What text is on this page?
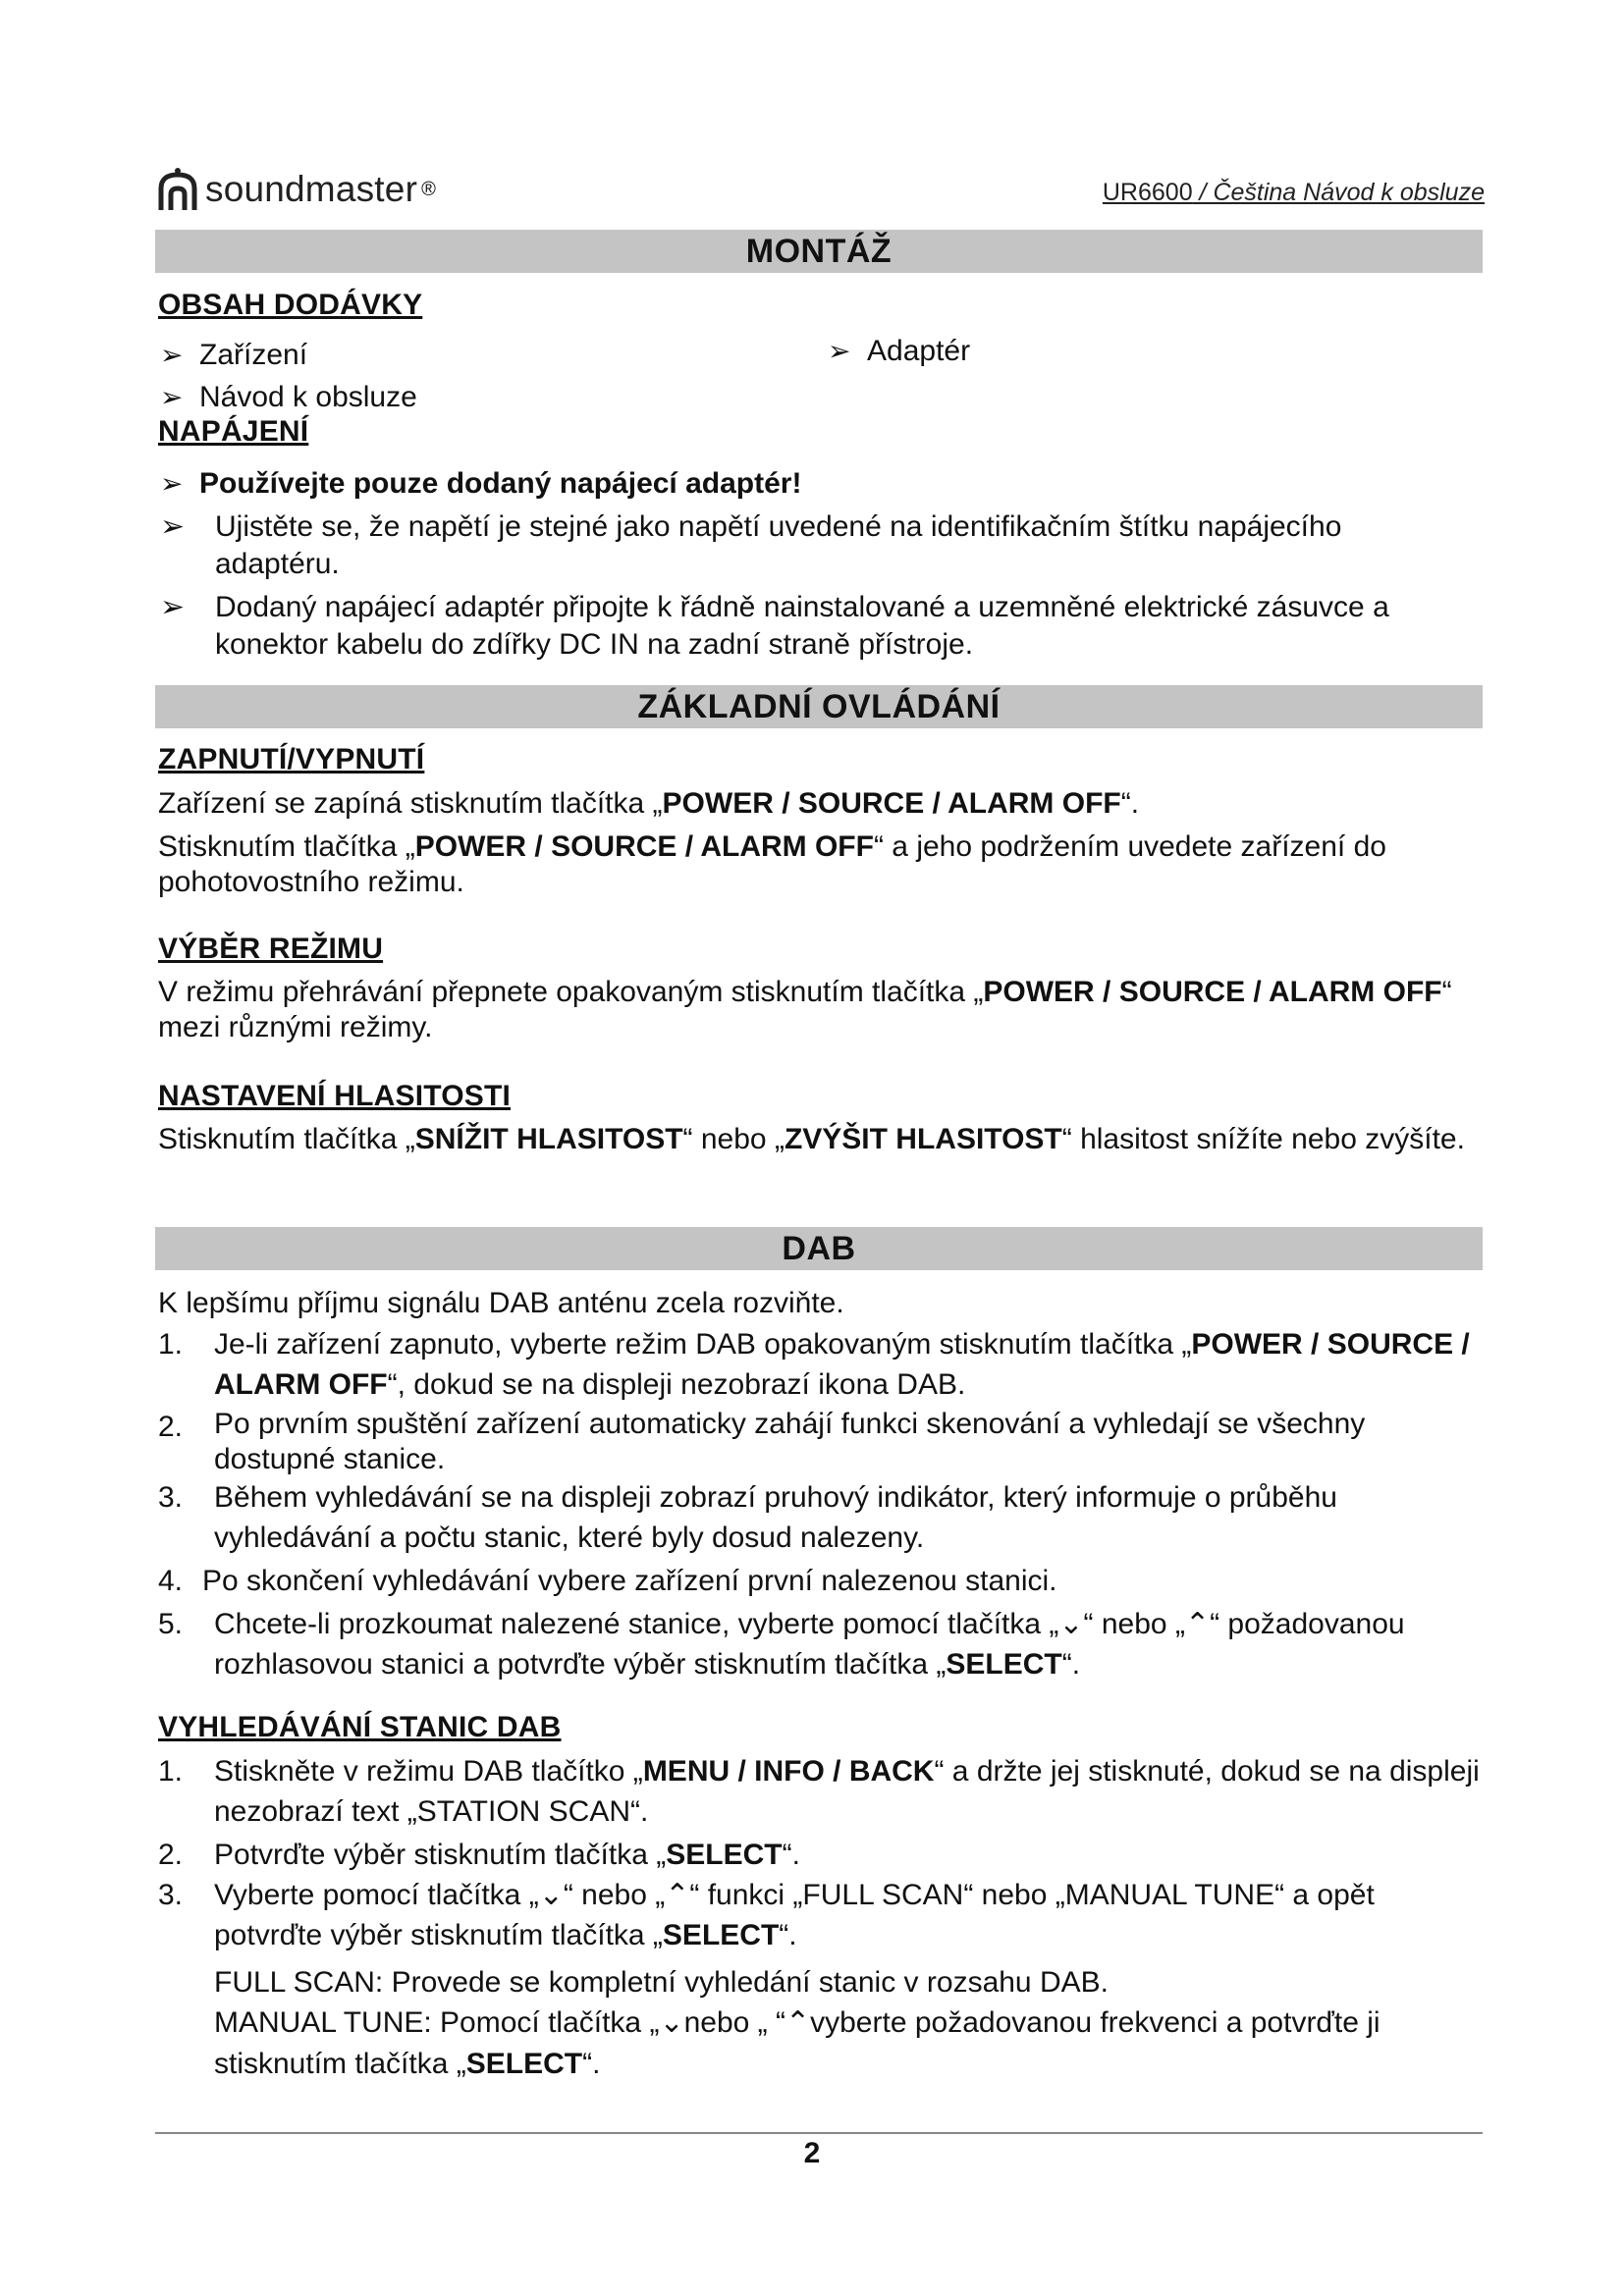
soundmaster ®	UR6600 / Čeština Návod k obsluze
MONTÁŽ
OBSAH DODÁVKY
➢ Zařízení
➢ Návod k obsluze
➢ Adaptér
NAPÁJENÍ
➢ Používejte pouze dodaný napájecí adaptér!
➢ Ujistěte se, že napětí je stejné jako napětí uvedené na identifikačním štítku napájecího adaptéru.
➢ Dodaný napájecí adaptér připojte k řádně nainstalované a uzemněné elektrické zásuvce a konektor kabelu do zdířky DC IN na zadní straně přístroje.
ZÁKLADNÍ OVLÁDÁNÍ
ZAPNUTÍ/VYPNUTÍ
Zařízení se zapíná stisknutím tlačítka „POWER / SOURCE / ALARM OFF“.
Stisknutím tlačítka „POWER / SOURCE / ALARM OFF“ a jeho podržením uvedete zařízení do pohotovostního režimu.
VÝBĚR REŽIMU
V režimu přehrávání přepnete opakovaným stisknutím tlačítka „POWER / SOURCE / ALARM OFF“ mezi různými režimy.
NASTAVENÍ HLASITOSTI
Stisknutím tlačítka „SNÍŽIT HLASITOST“ nebo „ZVÝŠIT HLASITOST“ hlasitost snížíte nebo zvýšíte.
DAB
K lepšímu příjmu signálu DAB anténu zcela rozviňte.
1. Je-li zařízení zapnuto, vyberte režim DAB opakovaným stisknutím tlačítka „POWER / SOURCE / ALARM OFF“, dokud se na displeji nezobrazí ikona DAB.
2. Po prvním spuštění zařízení automaticky zahájí funkci skenování a vyhledají se všechny dostupné stanice.
3. Během vyhledávání se na displeji zobrazí pruhový indikátor, který informuje o průběhu vyhledávání a počtu stanic, které byly dosud nalezeny.
4. Po skončení vyhledávání vybere zařízení první nalezenou stanici.
5. Chcete-li prozkoumat nalezené stanice, vyberte pomocí tlačítka „⌄“ nebo „⌃“ požadovanou rozhlasovou stanici a potvrďte výběr stisknutím tlačítka „SELECT“.
VYHLEDÁVÁNÍ STANIC DAB
1. Stiskněte v režimu DAB tlačítko „MENU / INFO / BACK“ a držte jej stisknuté, dokud se na displeji nezobrazí text „STATION SCAN“.
2. Potvrďte výběr stisknutím tlačítka „SELECT“.
3. Vyberte pomocí tlačítka „⌄“ nebo „⌃“ funkci „FULL SCAN“ nebo „MANUAL TUNE“ a opět potvrďte výběr stisknutím tlačítka „SELECT“.
FULL SCAN: Provede se kompletní vyhledání stanic v rozsahu DAB.
MANUAL TUNE: Pomocí tlačítka „⌄nebo „ “⌃vyberte požadovanou frekvenci a potvrďte ji stisknutím tlačítka „SELECT“.
2
